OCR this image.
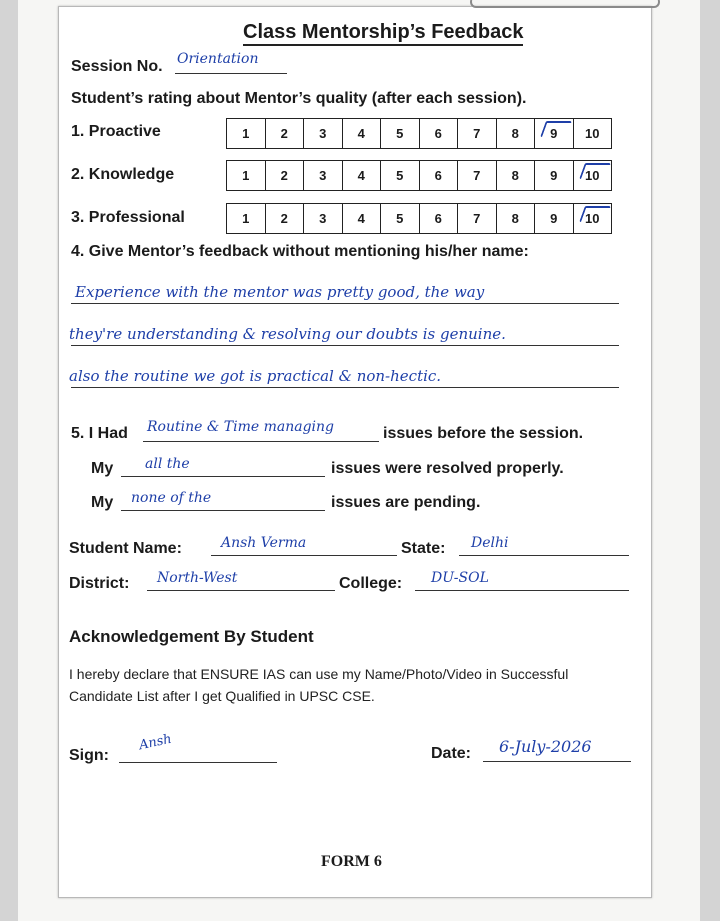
Class Mentorship’s Feedback
Session No. Orientation
Student’s rating about Mentor’s quality (after each session).
1. Proactive	1	2	3	4	5	6	7	8	9	10
2. Knowledge	1	2	3	4	5	6	7	8	9	10
3. Professional	1	2	3	4	5	6	7	8	9	10
4. Give Mentor’s feedback without mentioning his/her name:
Experience with the mentor was pretty good, the way
they're understanding & resolving our doubts is genuine.
also the routine we got is practical & non-hectic.
5. I Had Routine & Time managing	issues before the session.
My all the	issues were resolved properly.
My none of the	issues are pending.
Student Name:	Ansh Verma	State: Delhi
District: North-West	College: DU-SOL
Acknowledgement By Student
I hereby declare that ENSURE IAS can use my Name/Photo/Video in Successful
Candidate List after I get Qualified in UPSC CSE.
Sign:
Ansh
Date: 6-July-2026
FORM 6
